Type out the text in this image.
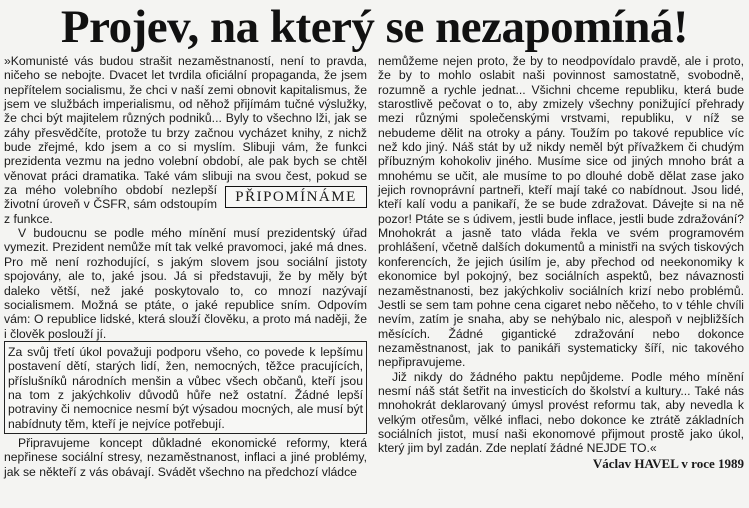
Projev, na který se nezapomíná!
»Komunisté vás budou strašit nezaměstnaností, není to pravda, ničeho se nebojte. Dvacet let tvrdila oficiální propaganda, že jsem nepřítelem socialismu, že chci v naší zemi obnovit kapitalismus, že jsem ve službách imperialismu, od něhož přijímám tučné výslužky, že chci být majitelem různých podniků... Byly to všechno lži, jak se záhy přesvědčíte, protože tu brzy začnou vycházet knihy, z nichž bude zřejmé, kdo jsem a co si myslím. Slibuji vám, že funkci prezidenta vezmu na jedno volební období, ale pak bych se chtěl věnovat práci dramatika. Také vám slibuji
PŘIPOMÍNÁME
na svou čest, pokud se za mého volebního období nezlepší životní úroveň v ČSFR, sám odstoupím z funkce.
V budoucnu se podle mého mínění musí prezidentský úřad vymezit. Prezident nemůže mít tak velké pravomoci, jaké má dnes. Pro mě není rozhodující, s jakým slovem jsou sociální jistoty spojovány, ale to, jaké jsou. Já si představuji, že by měly být daleko větší, než jaké poskytovalo to, co mnozí nazývají socialismem. Možná se ptáte, o jaké republice sním. Odpovím vám: O republice lidské, která slouží člověku, a proto má naději, že i člověk poslouží jí.
Za svůj třetí úkol považuji podporu všeho, co povede k lepšímu postavení dětí, starých lidí, žen, nemocných, těžce pracujících, příslušníků národních menšin a vůbec všech občanů, kteří jsou na tom z jakýchkoliv důvodů hůře než ostatní. Žádné lepší potraviny či nemocnice nesmí být výsadou mocných, ale musí být nabídnuty těm, kteří je nejvíce potřebují.
Připravujeme koncept důkladné ekonomické reformy, která nepřinese sociální stresy, nezaměstnanost, inflaci a jiné problémy, jak se někteří z vás obávají. Svádět všechno na předchozí vládce
nemůžeme nejen proto, že by to neodpovídalo pravdě, ale i proto, že by to mohlo oslabit naši povinnost samostatně, svobodně, rozumně a rychle jednat... Všichni chceme republiku, která bude starostlivě pečovat o to, aby zmizely všechny ponižující přehrady mezi různými společenskými vrstvami, republiku, v níž se nebudeme dělit na otroky a pány. Toužím po takové republice víc než kdo jiný. Náš stát by už nikdy neměl být přívažkem či chudým příbuzným kohokoliv jiného. Musíme sice od jiných mnoho brát a mnohému se učit, ale musíme to po dlouhé době dělat zase jako jejich rovnoprávní partneři, kteří mají také co nabídnout. Jsou lidé, kteří kalí vodu a panikaří, že se bude zdražovat. Dávejte si na ně pozor! Ptáte se s údivem, jestli bude inflace, jestli bude zdražování? Mnohokrát a jasně tato vláda řekla ve svém programovém prohlášení, včetně dalších dokumentů a ministři na svých tiskových konferencích, že jejich úsilím je, aby přechod od neekonomiky k ekonomice byl pokojný, bez sociálních aspektů, bez návaznosti nezaměstnanosti, bez jakýchkoliv sociálních krizí nebo problémů. Jestli se sem tam pohne cena cigaret nebo něčeho, to v téhle chvíli nevím, zatím je snaha, aby se nehýbalo nic, alespoň v nejbližších měsících. Žádné gigantické zdražování nebo dokonce nezaměstnanost, jak to panikáři systematicky šíří, nic takového nepřipravujeme.
Již nikdy do žádného paktu nepůjdeme. Podle mého mínění nesmí náš stát šetřit na investicích do školství a kultury... Také nás mnohokrát deklarovaný úmysl provést reformu tak, aby nevedla k velkým otřesům, vělké inflaci, nebo dokonce ke ztrátě základních sociálních jistot, musí naši ekonomové přijmout prostě jako úkol, který jim byl zadán. Zde neplatí žádné NEJDE TO.«
Václav HAVEL v roce 1989
